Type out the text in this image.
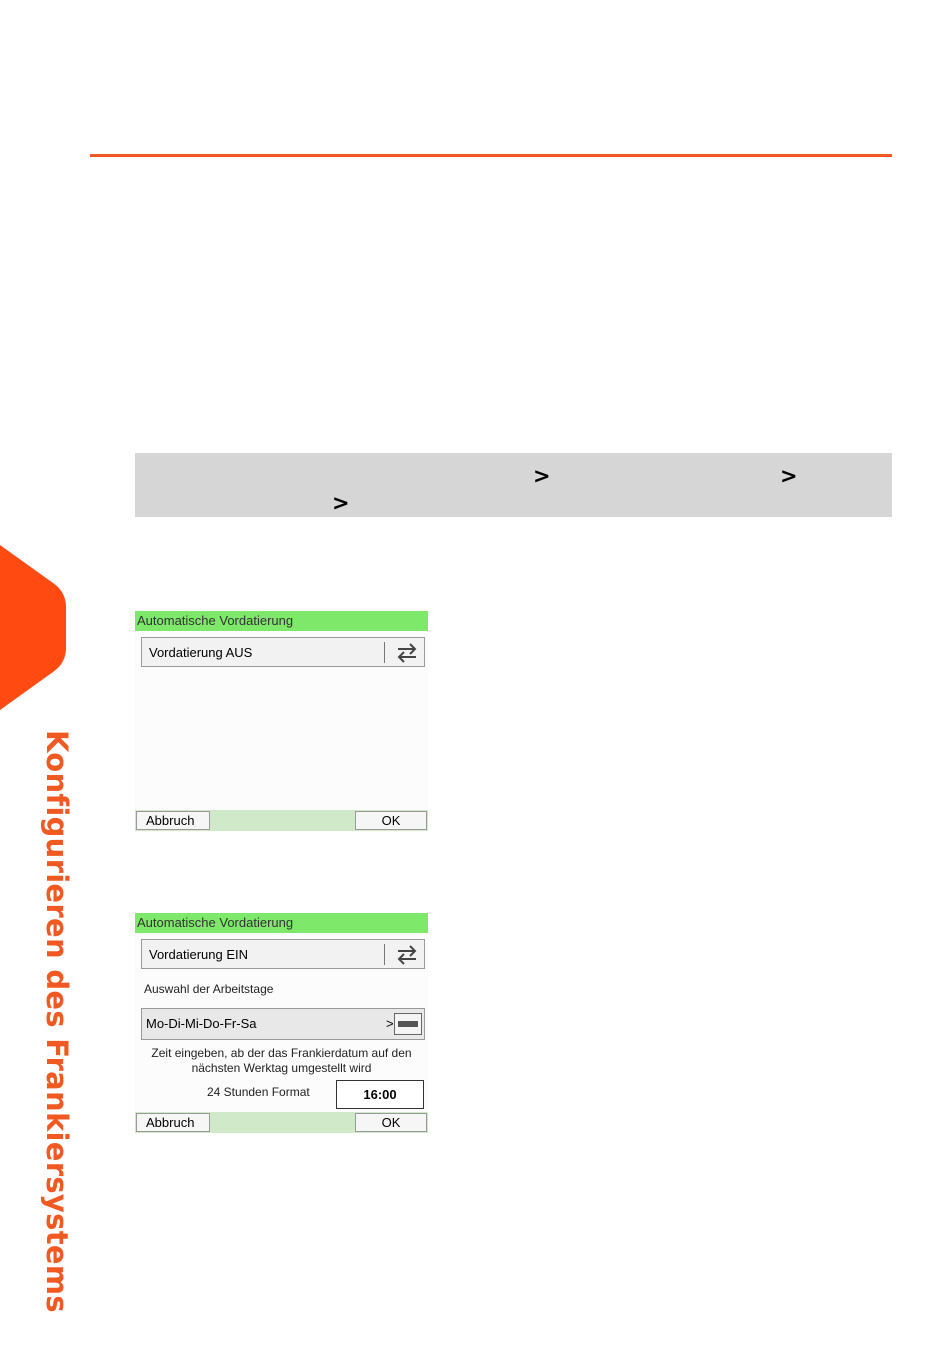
>	>
>
Konfigurieren des Frankiersystems
Automatische Vordatierung
Vordatierung AUS
Abbruch	OK
Automatische Vordatierung
Vordatierung EIN
Auswahl der Arbeitstage
Mo-Di-Mi-Do-Fr-Sa	>
Zeit eingeben, ab der das Frankierdatum auf den
nächsten Werktag umgestellt wird
24 Stunden Format	16:00
Abbruch	OK
